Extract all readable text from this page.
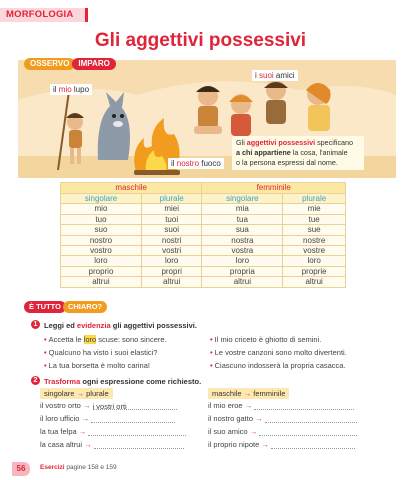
MORFOLOGIA
Gli aggettivi possessivi
OSSERVO	IMPARO
il mio lupo
i suoi amici
il nostro fuoco
Gli aggettivi possessivi specificano
a chi appartiene la cosa, l'animale
o la persona espressi dal nome.
maschile		femminile	
singolare	plurale	singolare	plurale
mio	miei	mia	mie
tuo	tuoi	tua	tue
suo	suoi	sua	sue
nostro	nostri	nostra	nostre
vostro	vostri	vostra	vostre
loro	loro	loro	loro
proprio	propri	propria	proprie
altrui	altrui	altrui	altrui
È TUTTO CHIARO?
1 Leggi ed evidenzia gli aggettivi possessivi.
• Accetta le loro scuse: sono sincere.
• Qualcuno ha visto i suoi elastici?
• La tua borsetta è molto carina!
• Il mio criceto è ghiotto di semini.
• Le vostre canzoni sono molto divertenti.
• Ciascuno indosserà la propria casacca.
2 Trasforma ogni espressione come richiesto.
singolare → plurale	maschile → femminile
il vostro orto → i vostri orti
il loro ufficio →
la tua felpa →
la casa altrui →
il mio eroe →
il nostro gatto →
il suo amico →
il proprio nipote →
56	Esercizi pagine 158 e 159
